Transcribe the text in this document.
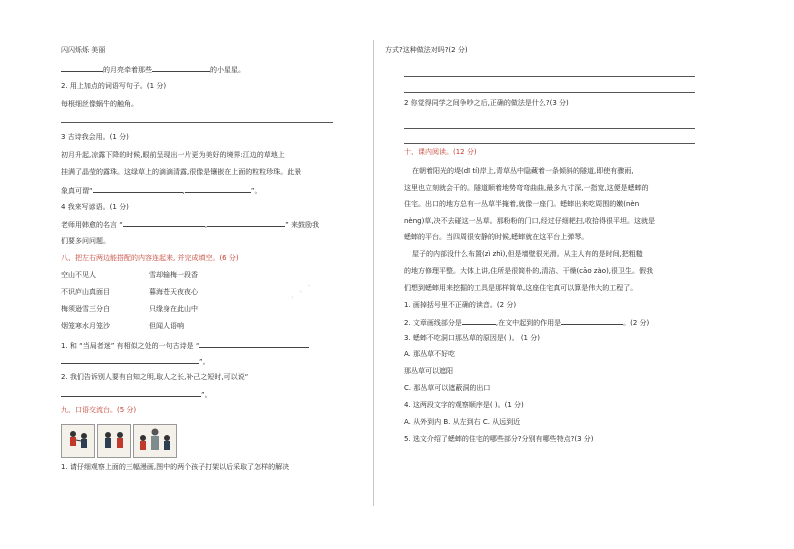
· · ·
闪闪烁烁 美丽
的月亮牵着那些	的小星星。
2. 用上加点的词语写句子。(1 分)
每根细丝像蜗牛的触角。
3 古诗我会用。(1 分)
初月升起,凉露下降的时候,眼前呈现出一片更为美好的境界:江边的草地上
挂满了晶莹的露珠。这绿草上的滴滴清露,很像是镶嵌在上面的粒粒珍珠。此景
象真可谓“	,	”。
4 我来写谚语。(1 分)
老师用韩愈的名言 “	,	” 来鼓励我
们要多问问题。
八、把左右两边能搭配的内容连起来, 并完成填空。(6 分)
空山不见人
不识庐山真面目
梅须逊雪三分白
烟笼寒水月笼沙
雪却输梅一段香
暮海苍天夜夜心
只缘身在此山中
但闻人语响
1. 和 “当局者迷” 有相似之处的一句古诗是 “
”。
2. 我们告诉别人要有自知之明,取人之长,补己之短时,可以说“
”。
九、口语交流台。(5 分)
1. 请仔细观察上面的三幅漫画,图中的两个孩子打架以后采取了怎样的解决
方式?这种做法对吗?(2 分)
2 你觉得同学之间争吵之后,正确的做法是什么?(3 分)
十、课内阅读。(12 分)
在朝着阳光的堤(dī tí)岸上,青草丛中隐藏着一条倾斜的隧道,即使有骤雨,
这里也立刻就会干的。隧道顺着地势弯弯曲曲,最多九寸深,一指宽,这便是蟋蟀的
住宅。出口的地方总有一丛草半掩着,就像一座门。蟋蟀出来吃周围的嫩(nèn
nèng)草,决不去碰这一丛草。那粉粉的门口,经过仔细耙扫,收拾得很平坦。这就是
蟋蟀的平台。当四周很安静的时候,蟋蟀就在这平台上弹琴。
屋子的内部没什么布置(zì zhì),但是墙壁很光滑。从主人有的是时间,把粗糙
的地方修理平整。大体上讲,住所是很简朴的,清洁、干燥(cāo zào),很卫生。假我
们想到蟋蟀用来挖掘的工具是那样简单,这座住宅真可以算是伟大的工程了。
1. 画掉括号里不正确的读音。(2 分)
2. 文章画线部分是	,在文中起到的作用是	。(2 分)
3. 蟋蟀不吃洞口那丛草的原因是( )。 (1 分)
A. 那丛草不好吃
那丛草可以遮阳
C. 那丛草可以遮蔽洞的出口
4. 这两段文字的观察顺序是( )。(1 分)
A. 从外到内 B. 从左到右 C. 从远到近
5. 选文介绍了蟋蟀的住宅的哪些部分?分别有哪些特点?(3 分)
